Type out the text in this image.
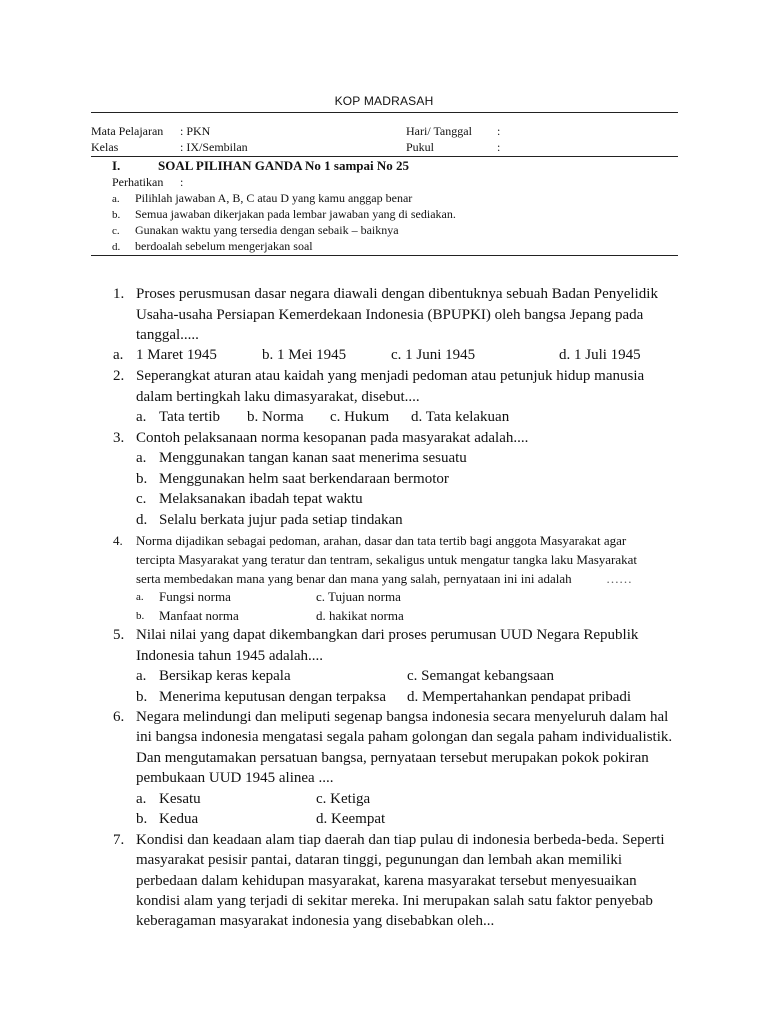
KOP MADRASAH
Mata Pelajaran : PKN	Hari/ Tanggal :
Kelas	: IX/Sembilan	Pukul	:
I.	SOAL PILIHAN GANDA No 1 sampai No 25
Perhatikan :
a. Pilihlah jawaban A, B, C atau D yang kamu anggap benar
b. Semua jawaban dikerjakan pada lembar jawaban yang di sediakan.
c. Gunakan waktu yang tersedia dengan sebaik – baiknya
d. berdoalah sebelum mengerjakan soal
1. Proses perusmusan dasar negara diawali dengan dibentuknya sebuah Badan Penyelidik
Usaha-usaha Persiapan Kemerdekaan Indonesia (BPUPKI) oleh bangsa Jepang pada
tanggal.....
a. 1 Maret 1945	b. 1 Mei 1945	c. 1 Juni 1945	d. 1 Juli 1945
2. Seperangkat aturan atau kaidah yang menjadi pedoman atau petunjuk hidup manusia
dalam bertingkah laku dimasyarakat, disebut....
a. Tata tertib b. Norma c. Hukum d. Tata kelakuan
3. Contoh pelaksanaan norma kesopanan pada masyarakat adalah....
a. Menggunakan tangan kanan saat menerima sesuatu
b. Menggunakan helm saat berkendaraan bermotor
c. Melaksanakan ibadah tepat waktu
d. Selalu berkata jujur pada setiap tindakan
4. Norma dijadikan sebagai pedoman, arahan, dasar dan tata tertib bagi anggota Masyarakat agar
tercipta Masyarakat yang teratur dan tentram, sekaligus untuk mengatur tangka laku Masyarakat
serta membedakan mana yang benar dan mana yang salah, pernyataan ini ini adalah	……
a. Fungsi norma	c. Tujuan norma
b. Manfaat norma	d. hakikat norma
5. Nilai nilai yang dapat dikembangkan dari proses perumusan UUD Negara Republik
Indonesia tahun 1945 adalah....
a. Bersikap keras kepala	c. Semangat kebangsaan
b. Menerima keputusan dengan terpaksa d. Mempertahankan pendapat pribadi
6. Negara melindungi dan meliputi segenap bangsa indonesia secara menyeluruh dalam hal
ini bangsa indonesia mengatasi segala paham golongan dan segala paham individualistik.
Dan mengutamakan persatuan bangsa, pernyataan tersebut merupakan pokok pokiran
pembukaan UUD 1945 alinea ....
a. Kesatu	c. Ketiga
b. Kedua	d. Keempat
7. Kondisi dan keadaan alam tiap daerah dan tiap pulau di indonesia berbeda-beda. Seperti
masyarakat pesisir pantai, dataran tinggi, pegunungan dan lembah akan memiliki
perbedaan dalam kehidupan masyarakat, karena masyarakat tersebut menyesuaikan
kondisi alam yang terjadi di sekitar mereka. Ini merupakan salah satu faktor penyebab
keberagaman masyarakat indonesia yang disebabkan oleh...
